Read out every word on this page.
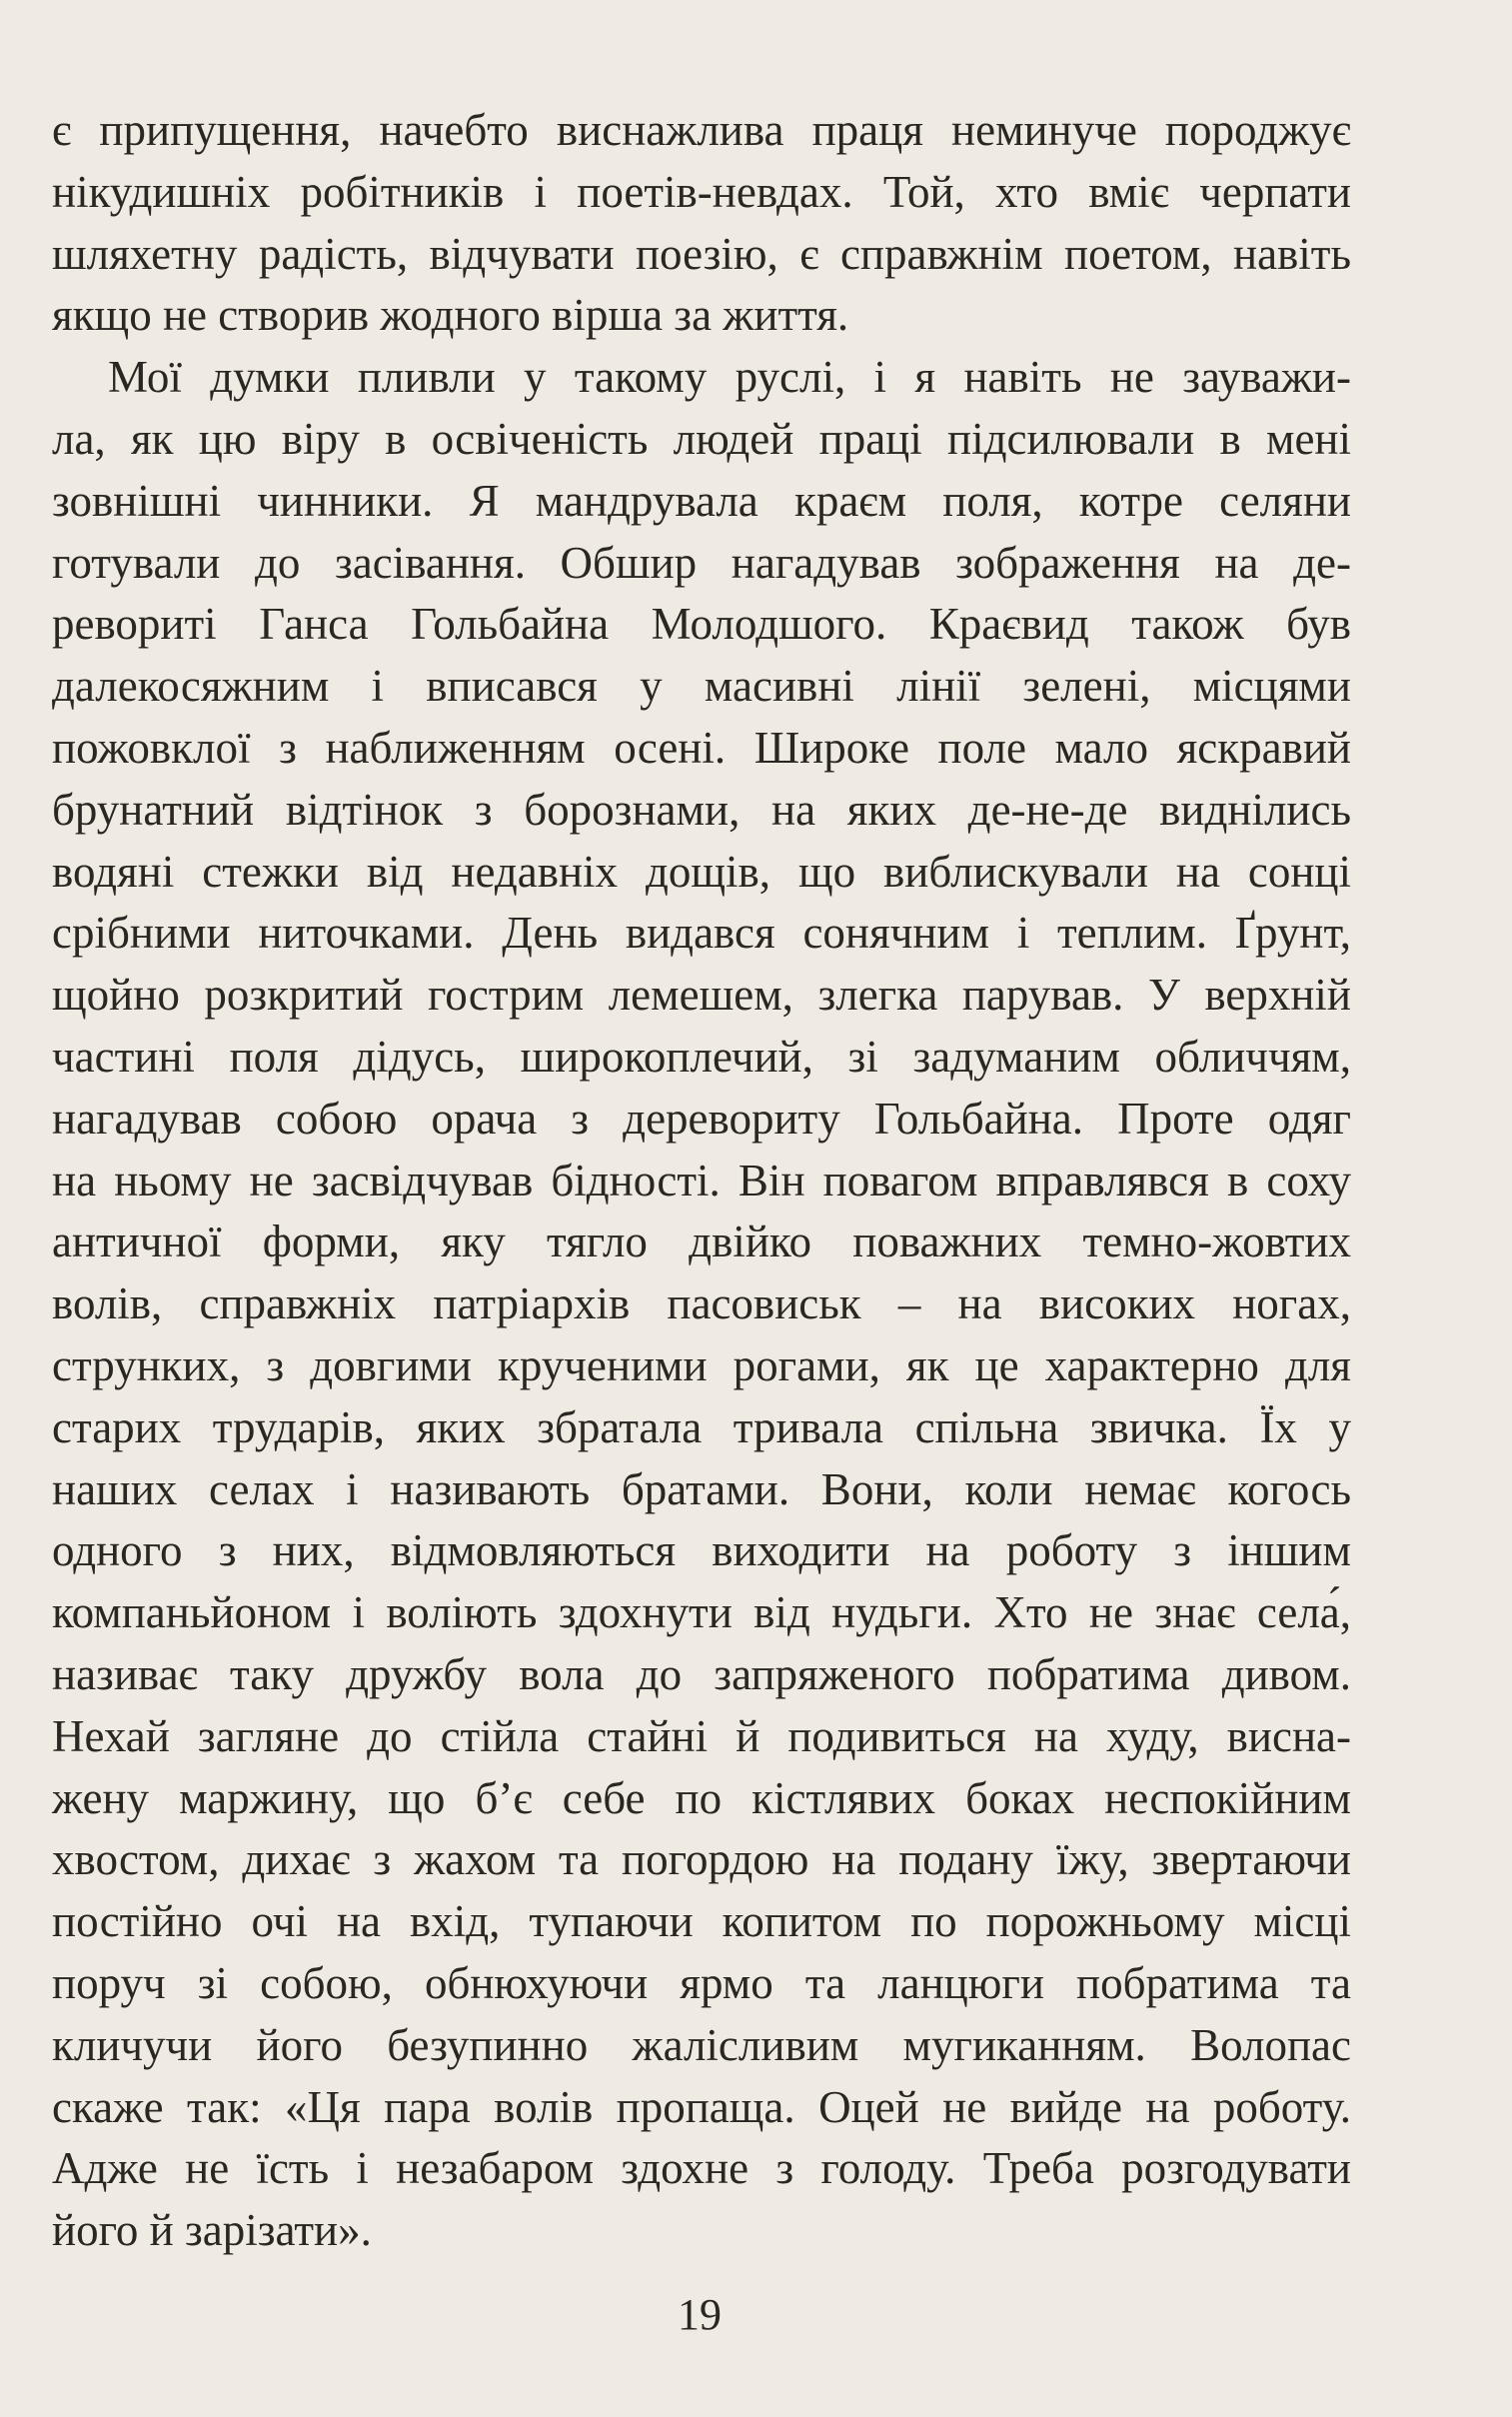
є припущення, начебто виснажлива праця неминуче породжує
нікудишніх робітників і поетів-невдах. Той, хто вміє черпати
шляхетну радість, відчувати поезію, є справжнім поетом, навіть
якщо не створив жодного вірша за життя.
Мої думки пливли у такому руслі, і я навіть не зауважи-
ла, як цю віру в освіченість людей праці підсилювали в мені
зовнішні чинники. Я мандрувала краєм поля, котре селяни
готували до засівання. Обшир нагадував зображення на де-
ревориті Ганса Гольбайна Молодшого. Краєвид також був
далекосяжним і вписався у масивні лінії зелені, місцями
пожовклої з наближенням осені. Широке поле мало яскравий
брунатний відтінок з борознами, на яких де-не-де виднілись
водяні стежки від недавніх дощів, що виблискували на сонці
срібними ниточками. День видався сонячним і теплим. Ґрунт,
щойно розкритий гострим лемешем, злегка парував. У верхній
частині поля дідусь, широкоплечий, зі задуманим обличчям,
нагадував собою орача з дереворитy Гольбайна. Проте одяг
на ньому не засвідчував бідності. Він повагом вправлявся в соху
античної форми, яку тягло двійко поважних темно-жовтих
волів, справжніх патріархів пасовиськ – на високих ногах,
струнких, з довгими крученими рогами, як це характерно для
старих трударів, яких збратала тривала спільна звичка. Їх у
наших селах і називають братами. Вони, коли немає когось
одного з них, відмовляються виходити на роботу з іншим
компаньйоном і воліють здохнути від нудьги. Хто не знає села́,
називає таку дружбу вола до запряженого побратима дивом.
Нехай загляне до стійла стайні й подивиться на худу, висна-
жену маржину, що б’є себе по кістлявих боках неспокійним
хвостом, дихає з жахом та погордою на подану їжу, звертаючи
постійно очі на вхід, тупаючи копитом по порожньому місці
поруч зі собою, обнюхуючи ярмо та ланцюги побратима та
кличучи його безупинно жалісливим мугиканням. Волопас
скаже так: «Ця пара волів пропаща. Оцей не вийде на роботу.
Адже не їсть і незабаром здохне з голоду. Треба розгодувати
його й зарізати».
19
